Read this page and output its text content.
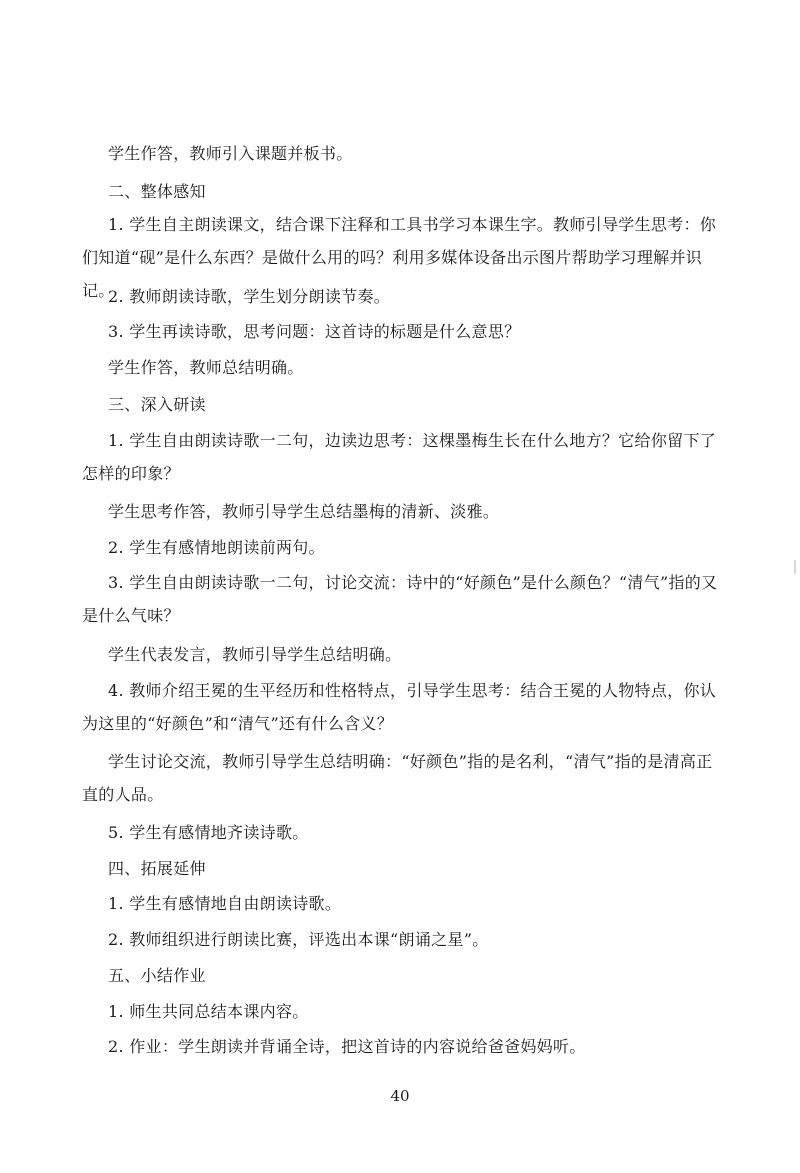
学生作答，教师引入课题并板书。

二、整体感知

1. 学生自主朗读课文，结合课下注释和工具书学习本课生字。教师引导学生思考：你们知道“砚”是什么东西？是做什么用的吗？利用多媒体设备出示图片帮助学习理解并识记。

2. 教师朗读诗歌，学生划分朗读节奏。

3. 学生再读诗歌，思考问题：这首诗的标题是什么意思？

学生作答，教师总结明确。

三、深入研读

1. 学生自由朗读诗歌一二句，边读边思考：这棵墨梅生长在什么地方？它给你留下了怎样的印象？

学生思考作答，教师引导学生总结墨梅的清新、淡雅。

2. 学生有感情地朗读前两句。

3. 学生自由朗读诗歌一二句，讨论交流：诗中的“好颜色”是什么颜色？“清气”指的又是什么气味？

学生代表发言，教师引导学生总结明确。

4. 教师介绍王冕的生平经历和性格特点，引导学生思考：结合王冕的人物特点，你认为这里的“好颜色”和“清气”还有什么含义？

学生讨论交流，教师引导学生总结明确：“好颜色”指的是名利，“清气”指的是清高正直的人品。

5. 学生有感情地齐读诗歌。

四、拓展延伸

1. 学生有感情地自由朗读诗歌。

2. 教师组织进行朗读比赛，评选出本课“朗诵之星”。

五、小结作业

1. 师生共同总结本课内容。

2. 作业：学生朗读并背诵全诗，把这首诗的内容说给爸爸妈妈听。

40
